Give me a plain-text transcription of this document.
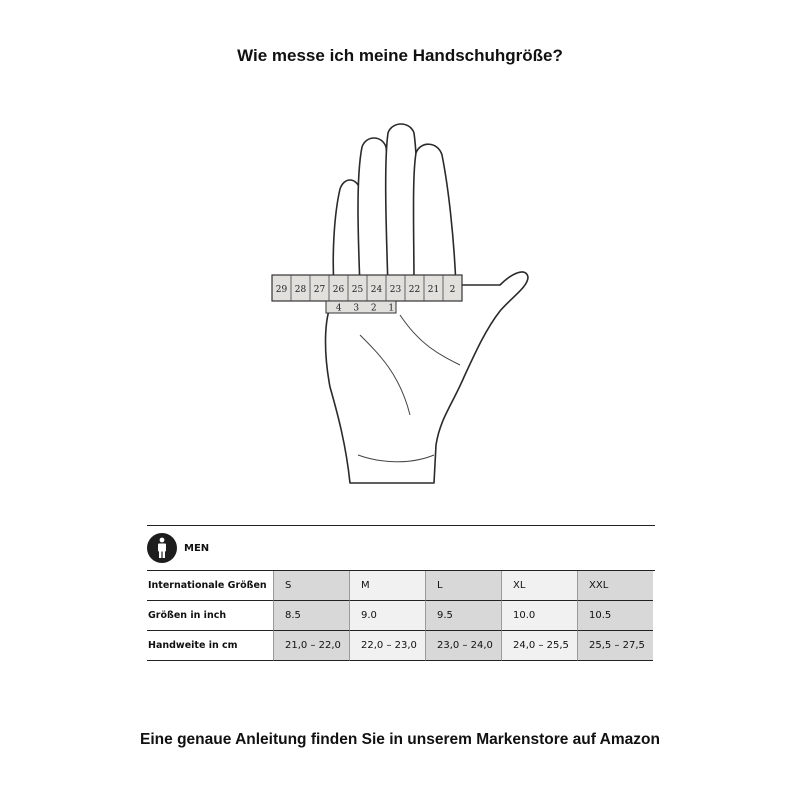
Wie messe ich meine Handschuhgröße?
29 28 27 26 25 24 23 22 21 2
4 3 2 1
MEN
Internationale Größen	S	M	L	XL	XXL
Größen in inch	8.5	9.0	9.5	10.0	10.5
Handweite in cm	21,0 – 22,0	22,0 – 23,0	23,0 – 24,0	24,0 – 25,5	25,5 – 27,5
Eine genaue Anleitung finden Sie in unserem Markenstore auf Amazon
